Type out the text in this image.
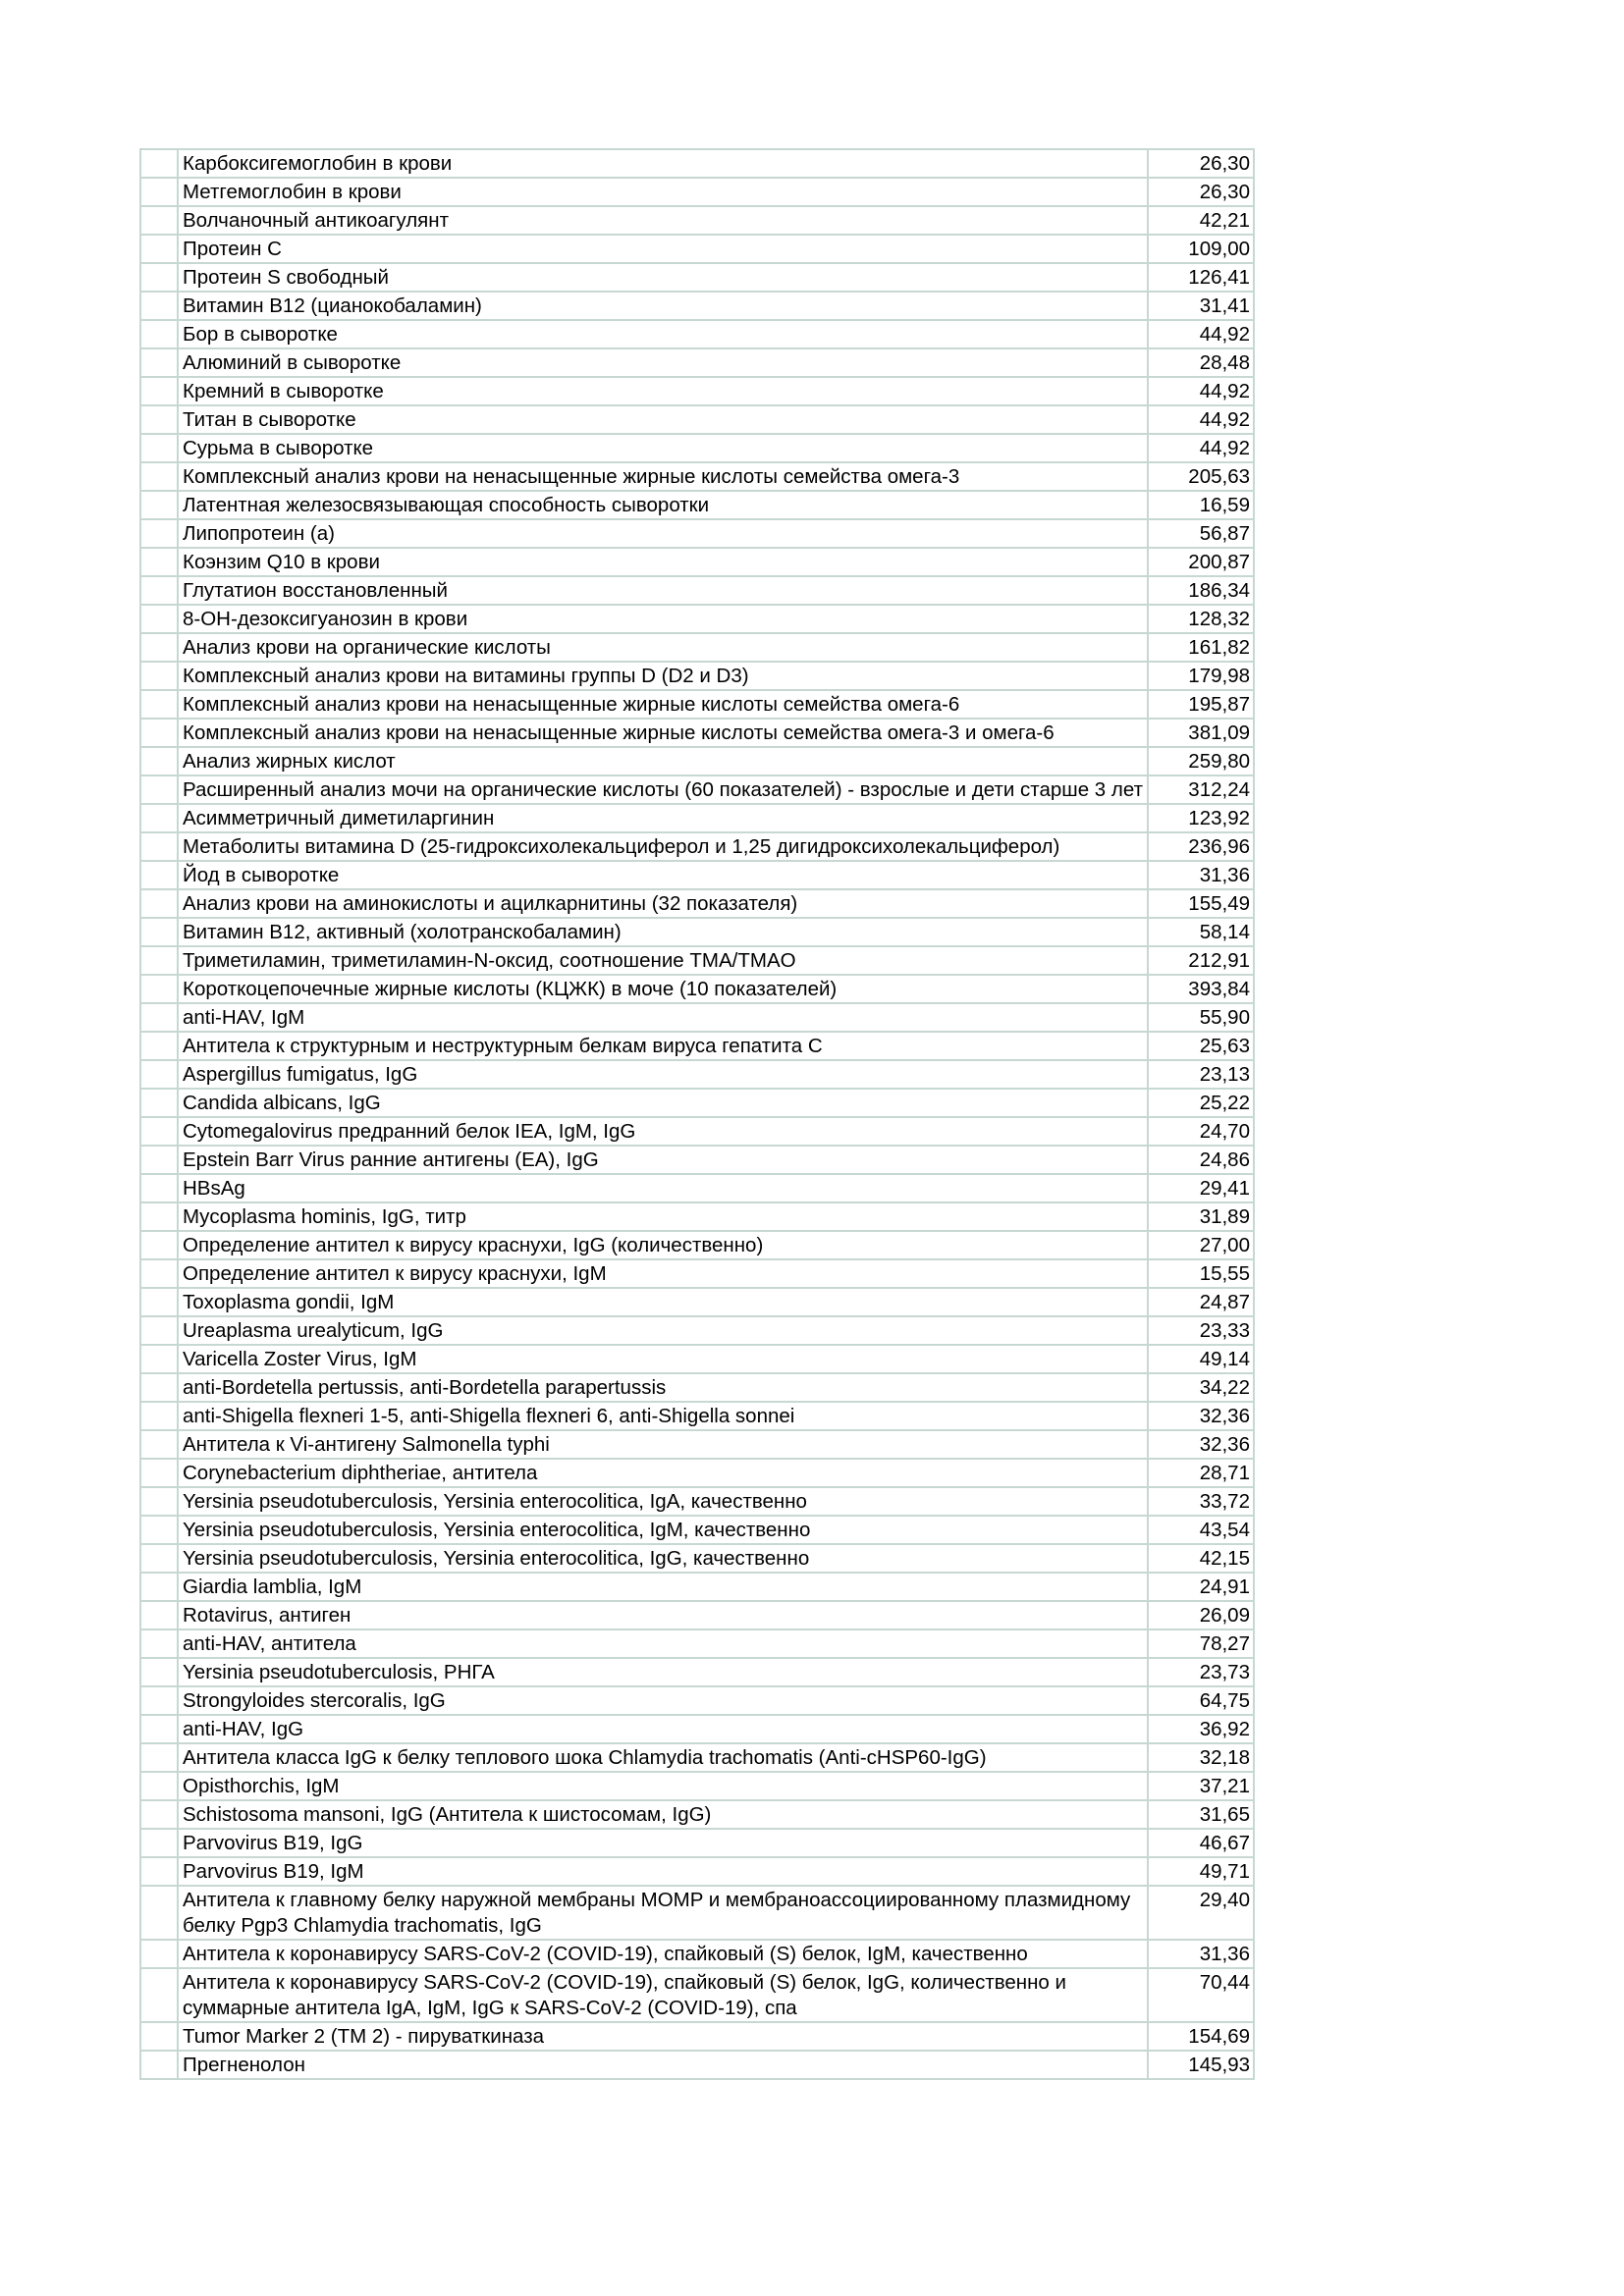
	Карбоксигемоглобин в крови	26,30
	Метгемоглобин в крови	26,30
	Волчаночный антикоагулянт	42,21
	Протеин С	109,00
	Протеин S свободный	126,41
	Витамин В12 (цианокобаламин)	31,41
	Бор в сыворотке	44,92
	Алюминий в сыворотке	28,48
	Кремний в сыворотке	44,92
	Титан в сыворотке	44,92
	Сурьма в сыворотке	44,92
	Комплексный анализ крови на ненасыщенные жирные кислоты семейства омега-3	205,63
	Латентная железосвязывающая способность сыворотки	16,59
	Липопротеин (а)	56,87
	Коэнзим Q10 в крови	200,87
	Глутатион восстановленный	186,34
	8-ОН-дезоксигуанозин в крови	128,32
	Анализ крови на органические кислоты	161,82
	Комплексный анализ крови на витамины группы D (D2 и D3)	179,98
	Комплексный анализ крови на ненасыщенные жирные кислоты семейства омега-6	195,87
	Комплексный анализ крови на ненасыщенные жирные кислоты семейства омега-3 и омега-6	381,09
	Анализ жирных кислот	259,80
	Расширенный анализ мочи на органические кислоты (60 показателей) - взрослые и дети старше 3 лет	312,24
	Асимметричный диметиларгинин	123,92
	Метаболиты витамина D (25-гидроксихолекальциферол и 1,25 дигидроксихолекальциферол)	236,96
	Йод в сыворотке	31,36
	Анализ крови на аминокислоты и ацилкарнитины (32 показателя)	155,49
	Витамин В12, активный (холотранскобаламин)	58,14
	Триметиламин, триметиламин-N-оксид, соотношение TMA/TMAO	212,91
	Короткоцепочечные жирные кислоты (КЦЖК) в моче (10 показателей)	393,84
	anti-HAV, IgM	55,90
	Антитела к структурным и неструктурным белкам вируса гепатита С	25,63
	Aspergillus fumigatus, IgG	23,13
	Candida albicans, IgG	25,22
	Cytomegalovirus предранний белок IEA, IgM, IgG	24,70
	Epstein Barr Virus ранние антигены (EA), IgG	24,86
	HBsAg	29,41
	Mycoplasma hominis, IgG, титр	31,89
	Определение антител к вирусу краснухи, IgG (количественно)	27,00
	Определение антител к вирусу краснухи, IgM	15,55
	Toxoplasma gondii, IgM	24,87
	Ureaplasma urealyticum, IgG	23,33
	Varicella Zoster Virus, IgM	49,14
	anti-Bordetella pertussis, anti-Bordetella parapertussis	34,22
	anti-Shigella flexneri 1-5, anti-Shigella flexneri 6, anti-Shigella sonnei	32,36
	Антитела к Vi-антигену Salmonella typhi	32,36
	Corynebacterium diphtheriae, антитела	28,71
	Yersinia pseudotuberculosis, Yersinia enterocolitica, IgA, качественно	33,72
	Yersinia pseudotuberculosis, Yersinia enterocolitica, IgM, качественно	43,54
	Yersinia pseudotuberculosis, Yersinia enterocolitica, IgG, качественно	42,15
	Giardia lamblia, IgM	24,91
	Rotavirus, антиген	26,09
	anti-HAV, антитела	78,27
	Yersinia pseudotuberculosis, РНГА	23,73
	Strongyloides stercoralis, IgG	64,75
	anti-HAV, IgG	36,92
	Антитела класса IgG к белку теплового шока Chlamydia trachomatis (Anti-cHSP60-IgG)	32,18
	Opisthorchis, IgM	37,21
	Schistosoma mansoni, IgG (Антитела к шистосомам, IgG)	31,65
	Parvovirus B19, IgG	46,67
	Parvovirus B19, IgM	49,71
	Антитела к главному белку наружной мембраны MOMP и мембраноассоциированному плазмидному белку Pgp3 Chlamydia trachomatis, IgG	29,40
	Антитела к коронавирусу SARS-CoV-2 (COVID-19), спайковый (S) белок, IgM, качественно	31,36
	Антитела к коронавирусу SARS-CoV-2 (COVID-19), спайковый (S) белок, IgG, количественно и суммарные антитела IgA, IgM, IgG к SARS-CoV-2 (COVID-19), спа	70,44
	Tumor Marker 2 (TM 2) - пируваткиназа	154,69
	Прегненолон	145,93
